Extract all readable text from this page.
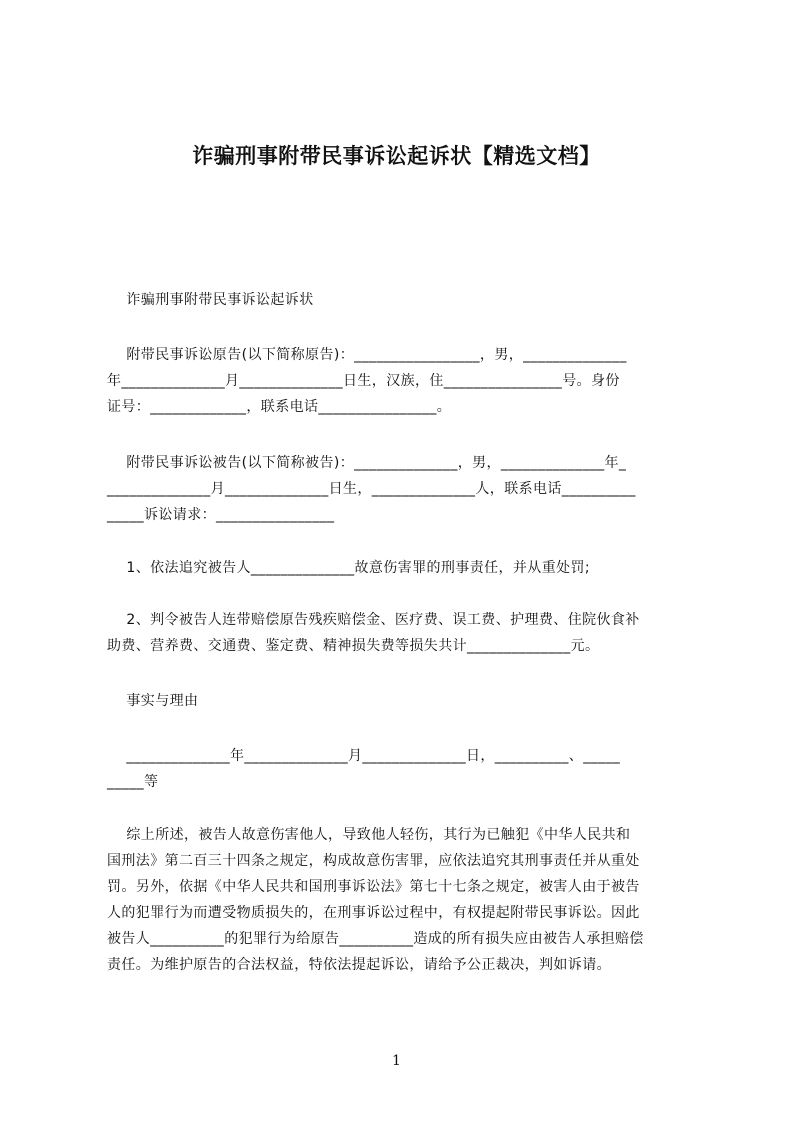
诈骗刑事附带民事诉讼起诉状【精选文档】
诈骗刑事附带民事诉讼起诉状
附带民事诉讼原告(以下简称原告)：_________________，男，______________
年______________月______________日生，汉族，住________________号。身份
证号：_____________，联系电话________________。
附带民事诉讼被告(以下简称被告)：______________，男，______________年_
______________月______________日生，______________人，联系电话__________
_____诉讼请求：________________
1、依法追究被告人______________故意伤害罪的刑事责任，并从重处罚;
2、判令被告人连带赔偿原告残疾赔偿金、医疗费、误工费、护理费、住院伙食补
助费、营养费、交通费、鉴定费、精神损失费等损失共计______________元。
事实与理由
______________年______________月______________日，__________、_____
_____等
综上所述，被告人故意伤害他人，导致他人轻伤，其行为已触犯《中华人民共和
国刑法》第二百三十四条之规定，构成故意伤害罪，应依法追究其刑事责任并从重处
罚。另外，依据《中华人民共和国刑事诉讼法》第七十七条之规定，被害人由于被告
人的犯罪行为而遭受物质损失的，在刑事诉讼过程中，有权提起附带民事诉讼。因此
被告人__________的犯罪行为给原告__________造成的所有损失应由被告人承担赔偿
责任。为维护原告的合法权益，特依法提起诉讼，请给予公正裁决，判如诉请。
1
